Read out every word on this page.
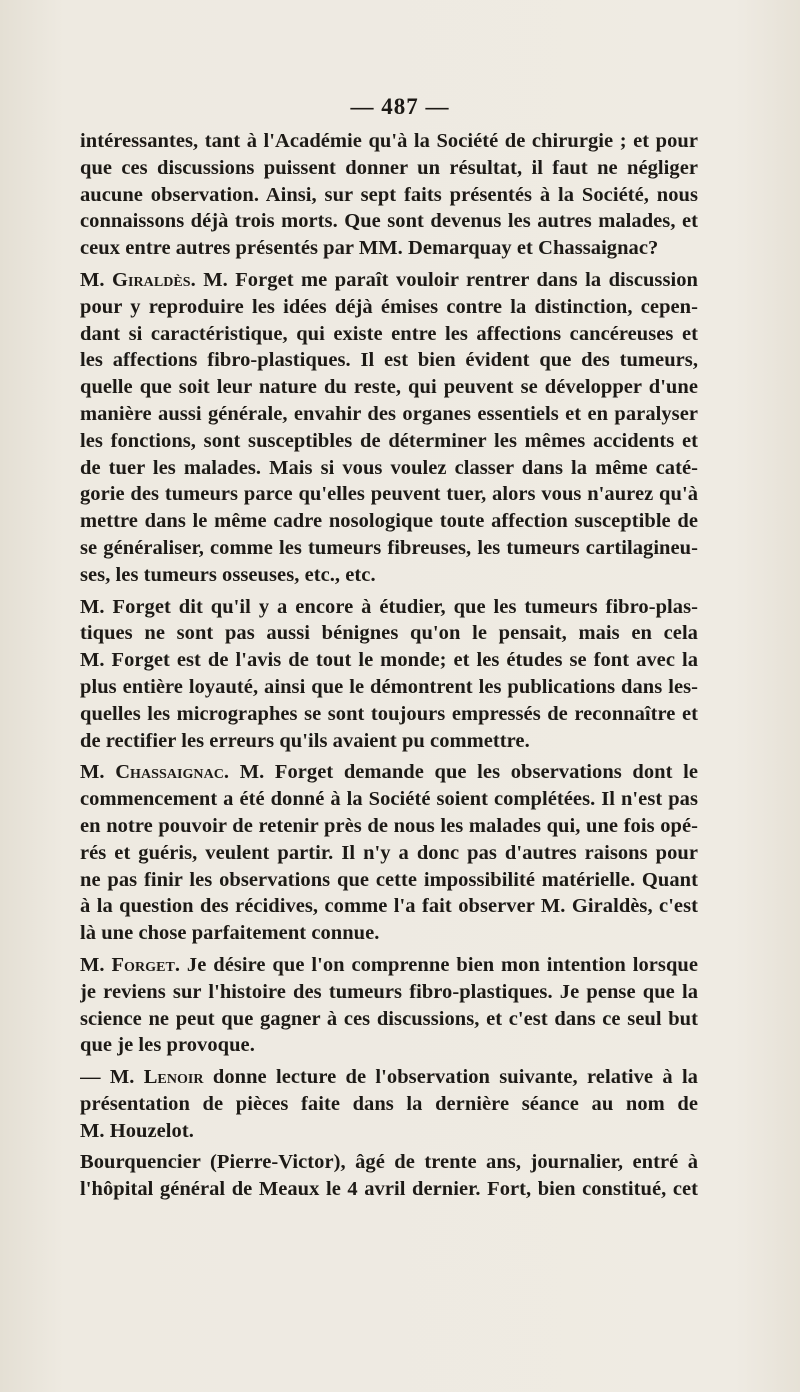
— 487 —

intéressantes, tant à l'Académie qu'à la Société de chirurgie ; et pour
que ces discussions puissent donner un résultat, il faut ne négliger
aucune observation. Ainsi, sur sept faits présentés à la Société, nous
connaissons déjà trois morts. Que sont devenus les autres malades, et
ceux entre autres présentés par MM. Demarquay et Chassaignac?

M. Giraldès. M. Forget me paraît vouloir rentrer dans la discussion
pour y reproduire les idées déjà émises contre la distinction, cepen-
dant si caractéristique, qui existe entre les affections cancéreuses et
les affections fibro-plastiques. Il est bien évident que des tumeurs,
quelle que soit leur nature du reste, qui peuvent se développer d'une
manière aussi générale, envahir des organes essentiels et en paralyser
les fonctions, sont susceptibles de déterminer les mêmes accidents et
de tuer les malades. Mais si vous voulez classer dans la même caté-
gorie des tumeurs parce qu'elles peuvent tuer, alors vous n'aurez qu'à
mettre dans le même cadre nosologique toute affection susceptible de
se généraliser, comme les tumeurs fibreuses, les tumeurs cartilagineu-
ses, les tumeurs osseuses, etc., etc.

M. Forget dit qu'il y a encore à étudier, que les tumeurs fibro-plas-
tiques ne sont pas aussi bénignes qu'on le pensait, mais en cela
M. Forget est de l'avis de tout le monde; et les études se font avec la
plus entière loyauté, ainsi que le démontrent les publications dans les-
quelles les micrographes se sont toujours empressés de reconnaître et
de rectifier les erreurs qu'ils avaient pu commettre.

M. Chassaignac. M. Forget demande que les observations dont le
commencement a été donné à la Société soient complétées. Il n'est pas
en notre pouvoir de retenir près de nous les malades qui, une fois opé-
rés et guéris, veulent partir. Il n'y a donc pas d'autres raisons pour
ne pas finir les observations que cette impossibilité matérielle. Quant
à la question des récidives, comme l'a fait observer M. Giraldès, c'est
là une chose parfaitement connue.

M. Forget. Je désire que l'on comprenne bien mon intention lorsque
je reviens sur l'histoire des tumeurs fibro-plastiques. Je pense que la
science ne peut que gagner à ces discussions, et c'est dans ce seul but
que je les provoque.

— M. Lenoir donne lecture de l'observation suivante, relative à la
présentation de pièces faite dans la dernière séance au nom de
M. Houzelot.

Bourquencier (Pierre-Victor), âgé de trente ans, journalier, entré à
l'hôpital général de Meaux le 4 avril dernier. Fort, bien constitué, cet
